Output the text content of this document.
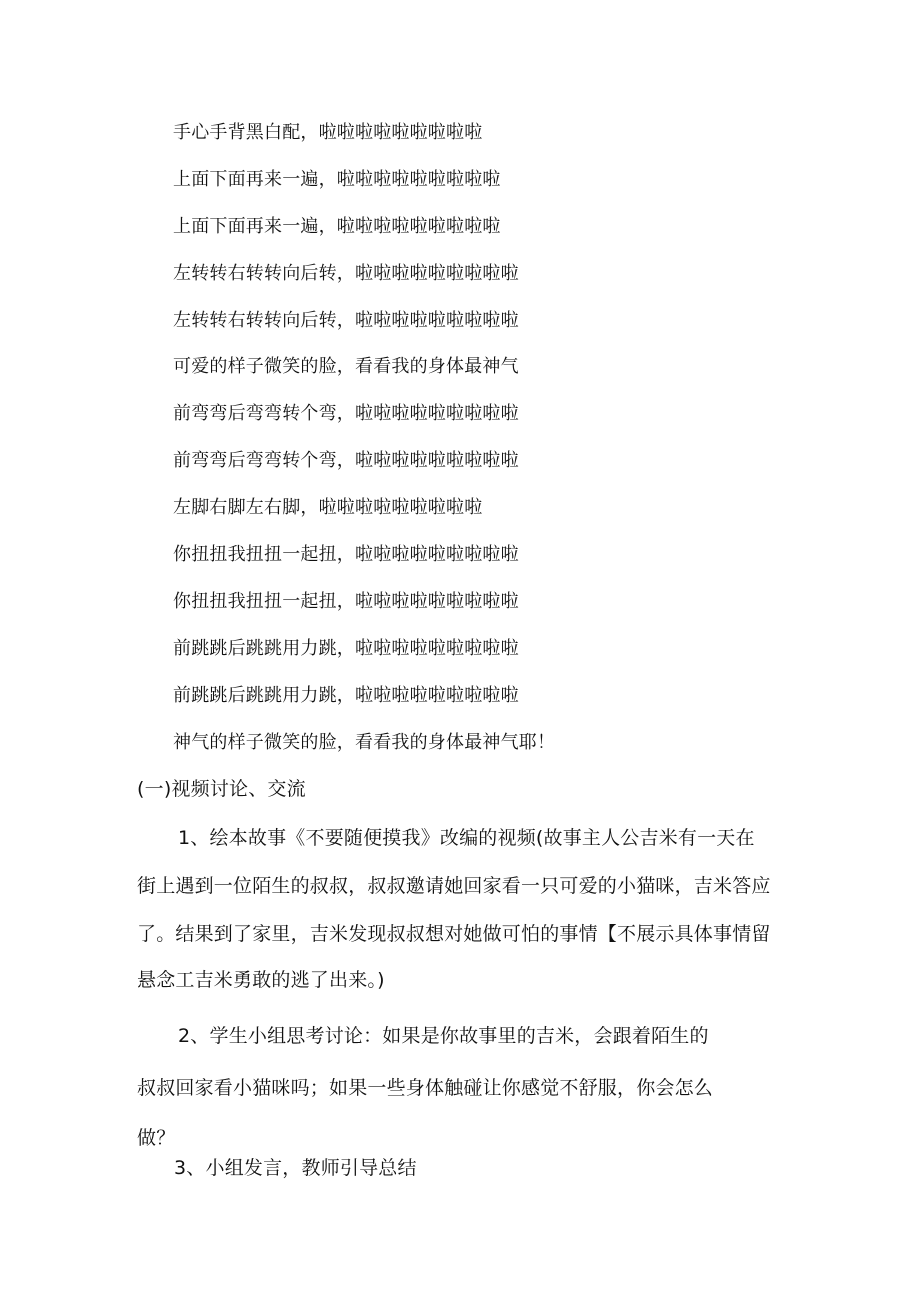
手心手背黑白配，啦啦啦啦啦啦啦啦啦
上面下面再来一遍，啦啦啦啦啦啦啦啦啦
上面下面再来一遍，啦啦啦啦啦啦啦啦啦
左转转右转转向后转，啦啦啦啦啦啦啦啦啦
左转转右转转向后转，啦啦啦啦啦啦啦啦啦
可爱的样子微笑的脸，看看我的身体最神气
前弯弯后弯弯转个弯，啦啦啦啦啦啦啦啦啦
前弯弯后弯弯转个弯，啦啦啦啦啦啦啦啦啦
左脚右脚左右脚，啦啦啦啦啦啦啦啦啦
你扭扭我扭扭一起扭，啦啦啦啦啦啦啦啦啦
你扭扭我扭扭一起扭，啦啦啦啦啦啦啦啦啦
前跳跳后跳跳用力跳，啦啦啦啦啦啦啦啦啦
前跳跳后跳跳用力跳，啦啦啦啦啦啦啦啦啦
神气的样子微笑的脸，看看我的身体最神气耶！
(一)视频讨论、交流
1、绘本故事《不要随便摸我》改编的视频(故事主人公吉米有一天在
街上遇到一位陌生的叔叔，叔叔邀请她回家看一只可爱的小猫咪，吉米答应
了。结果到了家里，吉米发现叔叔想对她做可怕的事情【不展示具体事情留
悬念工吉米勇敢的逃了出来。)
2、学生小组思考讨论：如果是你故事里的吉米，会跟着陌生的
叔叔回家看小猫咪吗；如果一些身体触碰让你感觉不舒服，你会怎么
做？
3、小组发言，教师引导总结
